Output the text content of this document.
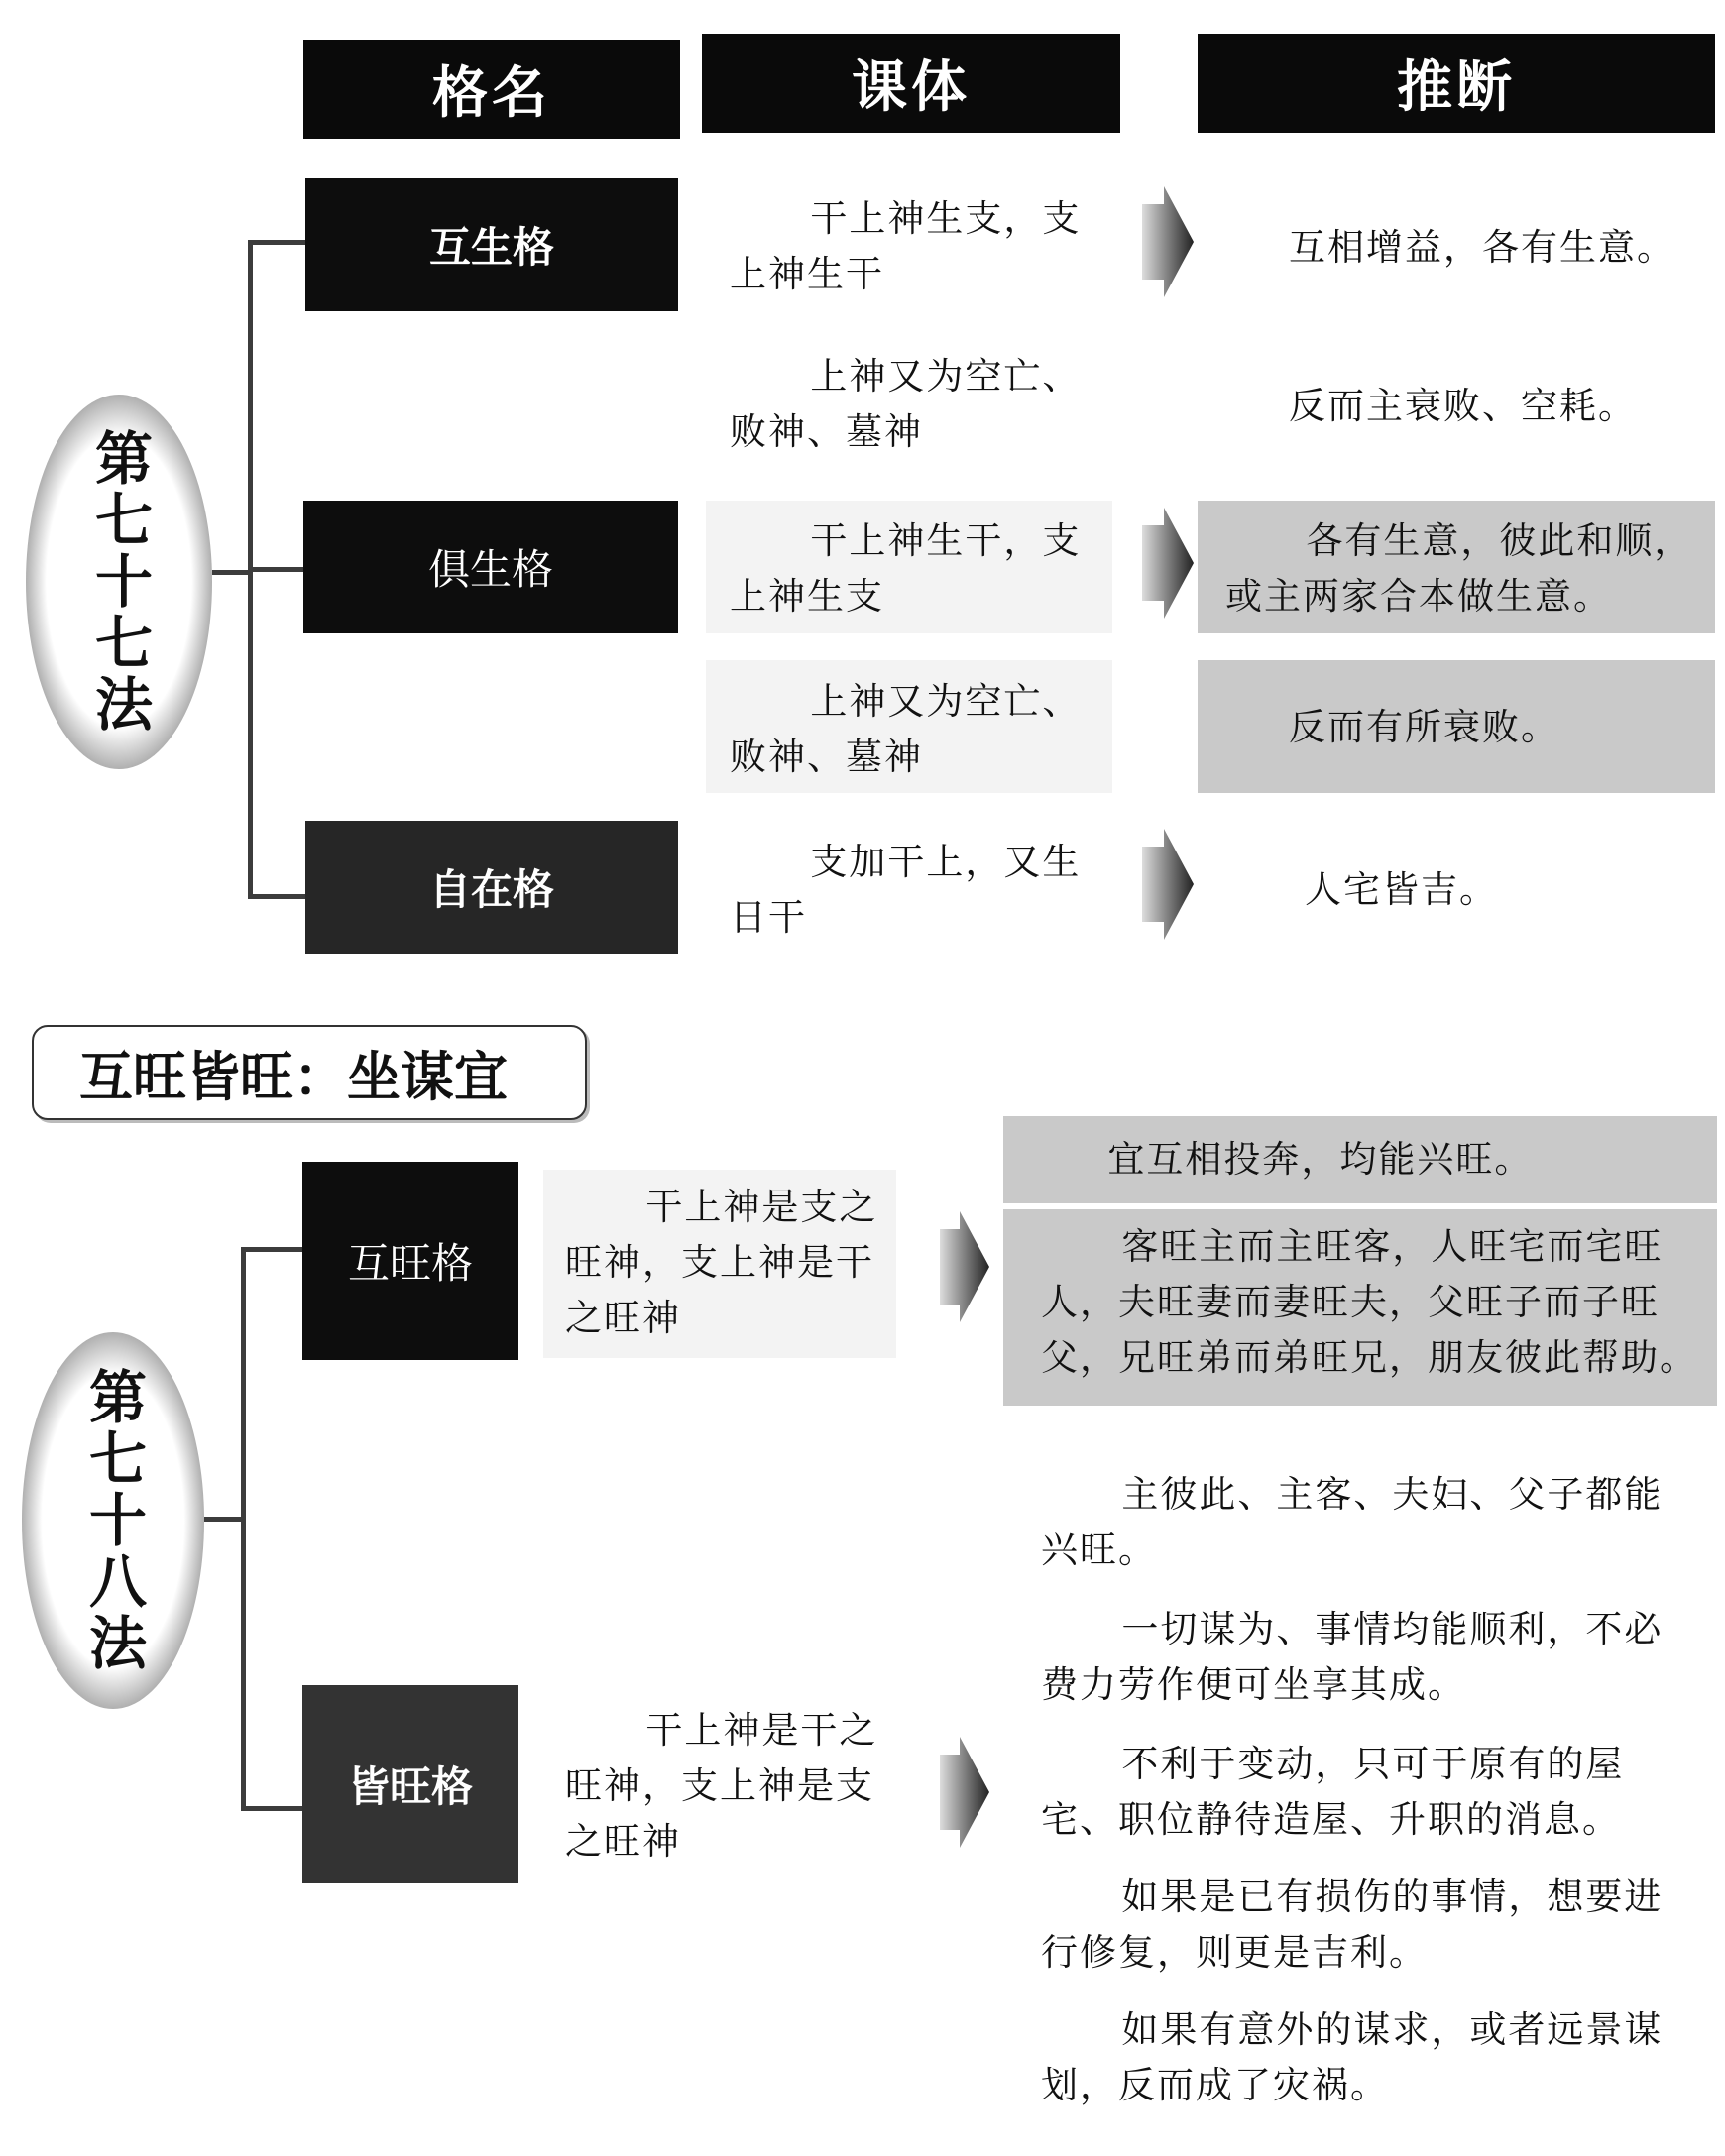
格名	课体	推断
第七十七法
互生格
俱生格
自在格
干上神生支，支上神生干
上神又为空亡、败神、墓神
干上神生干，支上神生支
上神又为空亡、败神、墓神
支加干上，又生日干
互相增益，各有生意。
反而主衰败、空耗。
各有生意，彼此和顺，或主两家合本做生意。
反而有所衰败。
人宅皆吉。
互旺皆旺：坐谋宜
第七十八法
互旺格
皆旺格
干上神是支之旺神，支上神是干之旺神
干上神是干之旺神，支上神是支之旺神
宜互相投奔，均能兴旺。
客旺主而主旺客，人旺宅而宅旺人，夫旺妻而妻旺夫，父旺子而子旺父，兄旺弟而弟旺兄，朋友彼此帮助。
主彼此、主客、夫妇、父子都能兴旺。
一切谋为、事情均能顺利，不必费力劳作便可坐享其成。
不利于变动，只可于原有的屋宅、职位静待造屋、升职的消息。
如果是已有损伤的事情，想要进行修复，则更是吉利。
如果有意外的谋求，或者远景谋划，反而成了灾祸。
